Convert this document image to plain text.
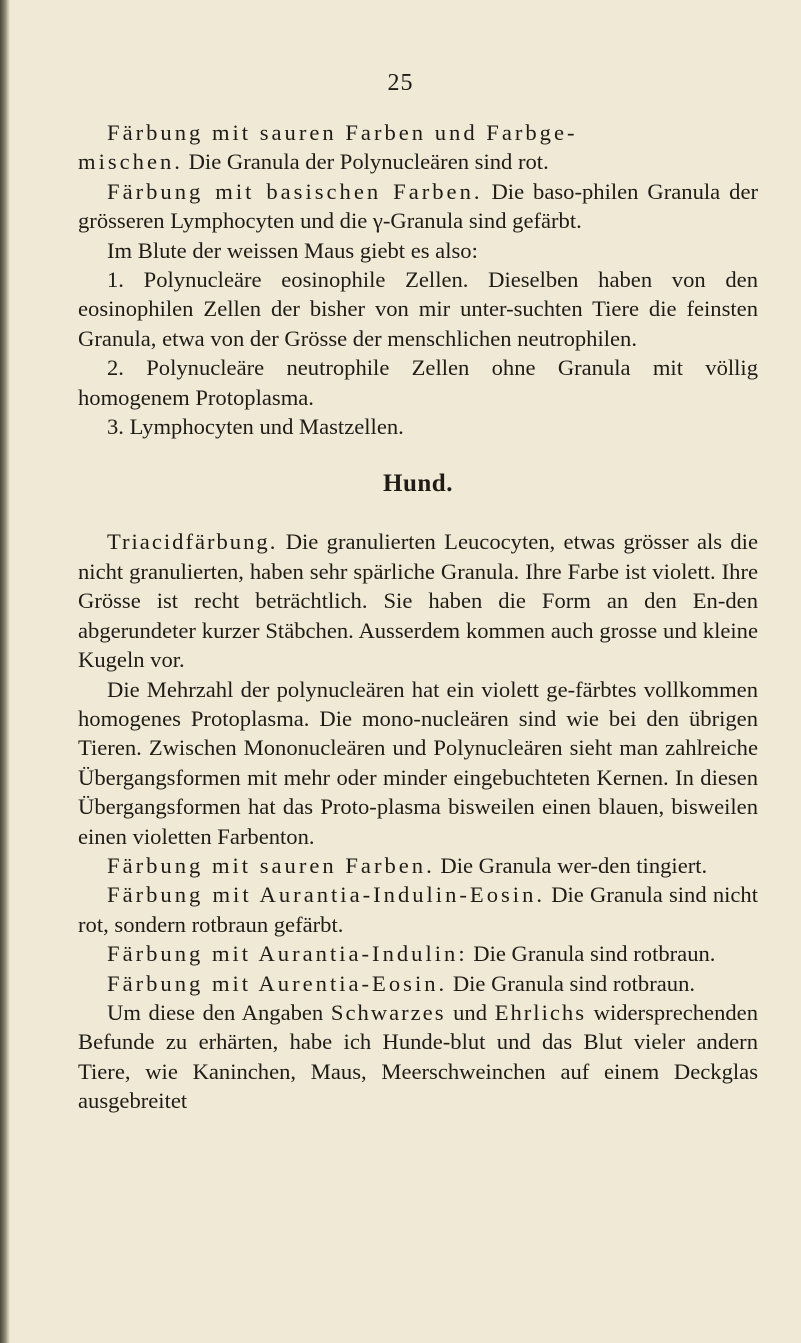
25

Färbung mit sauren Farben und Farbge-
mischen. Die Granula der Polynucleären sind rot.

Färbung mit basischen Farben. Die baso-philen Granula der grösseren Lymphocyten und die γ-Granula sind gefärbt.

Im Blute der weissen Maus giebt es also:

1. Polynucleäre eosinophile Zellen. Dieselben haben von den eosinophilen Zellen der bisher von mir unter-suchten Tiere die feinsten Granula, etwa von der Grösse der menschlichen neutrophilen.

2. Polynucleäre neutrophile Zellen ohne Granula mit völlig homogenem Protoplasma.

3. Lymphocyten und Mastzellen.

Hund.

Triacidfärbung. Die granulierten Leucocyten, etwas grösser als die nicht granulierten, haben sehr spärliche Granula. Ihre Farbe ist violett. Ihre Grösse ist recht beträchtlich. Sie haben die Form an den En-den abgerundeter kurzer Stäbchen. Ausserdem kommen auch grosse und kleine Kugeln vor.

Die Mehrzahl der polynucleären hat ein violett ge-färbtes vollkommen homogenes Protoplasma. Die mono-nucleären sind wie bei den übrigen Tieren. Zwischen Mononucleären und Polynucleären sieht man zahlreiche Übergangsformen mit mehr oder minder eingebuchteten Kernen. In diesen Übergangsformen hat das Proto-plasma bisweilen einen blauen, bisweilen einen violetten Farbenton.

Färbung mit sauren Farben. Die Granula wer-den tingiert.

Färbung mit Aurantia-Indulin-Eosin. Die Granula sind nicht rot, sondern rotbraun gefärbt.

Färbung mit Aurantia-Indulin: Die Granula sind rotbraun.

Färbung mit Aurentia-Eosin. Die Granula sind rotbraun.

Um diese den Angaben Schwarzes und Ehrlichs widersprechenden Befunde zu erhärten, habe ich Hunde-blut und das Blut vieler andern Tiere, wie Kaninchen, Maus, Meerschweinchen auf einem Deckglas ausgebreitet
